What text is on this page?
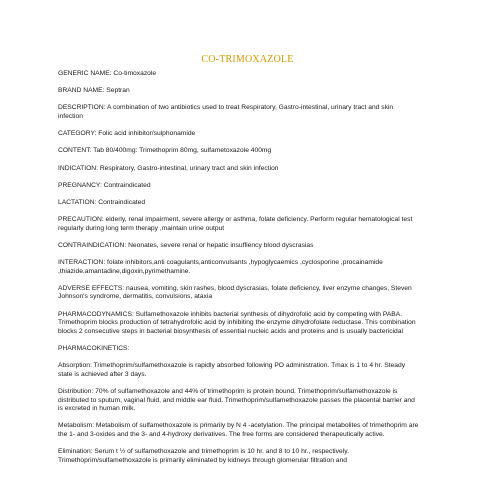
CO-TRIMOXAZOLE

GENERIC NAME: Co-timoxazole

BRAND NAME: Septran

DESCRIPTION: A combination of two antibiotics used to treat Respiratory, Gastro-intestinal, urinary tract and skin infection

CATEGORY: Folic acid inhibitor/sulphonamide

CONTENT: Tab 80/400mg: Trimethoprim 80mg, sulfametoxazole 400mg

INDICATION: Respiratory, Gastro-intestinal, urinary tract and skin infection

PREGNANCY: Contraindicated

LACTATION: Contraindicated

PRECAUTION: elderly, renal impairment, severe allergy or asthma, folate deficiency. Perform regular hematological test regularly during long term therapy ,maintain urine output

CONTRAINDICATION: Neonates, severe renal or hepatic insuffiency blood dyscrasias

INTERACTION: folate inhibitors,anti coagulants,anticonvulsants ,hypoglycaemics ,cyclosporine ,procainamide ,thiazide,amantadine,digoxin,pyrimethamine.

ADVERSE EFFECTS: nausea, vomiting, skin rashes, blood dyscrasias, folate deficiency, liver enzyme changes, Steven Johnson's syndrome, dermatitis, convulsions, ataxia

PHARMACODYNAMICS: Sulfamethoxazole inhibits bacterial synthesis of dihydrofolic acid by competing with PABA. Trimethoprim blocks production of tetrahydrofolic acid by inhibiting the enzyme dihydrofolate reductase. This combination blocks 2 consecutive steps in bacterial biosynthesis of essential nucleic acids and proteins and is usually bactericidal

PHARMACOKINETICS:

Absorption: Trimethoprim/sulfamethoxazole is rapidly absorbed following PO administration. Tmax is 1 to 4 hr. Steady state is achieved after 3 days.

Distribution: 70% of sulfamethoxazole and 44% of trimethoprim is protein bound. Trimethoprim/sulfamethoxazole is distributed to sputum, vaginal fluid, and middle ear fluid. Trimethoprim/sulfamethoxazole passes the placental barrier and is excreted in human milk.

Metabolism: Metabolism of sulfamethoxazole is primarily by N 4 -acetylation. The principal metabolites of trimethoprim are the 1- and 3-oxides and the 3- and 4-hydroxy derivatives. The free forms are considered therapeutically active.

Elimination: Serum t ½ of sulfamethoxazole and trimethoprim is 10 hr. and 8 to 10 hr., respectively. Trimethoprim/sulfamethoxazole is primarily eliminated by kidneys through glomerular filtration and
